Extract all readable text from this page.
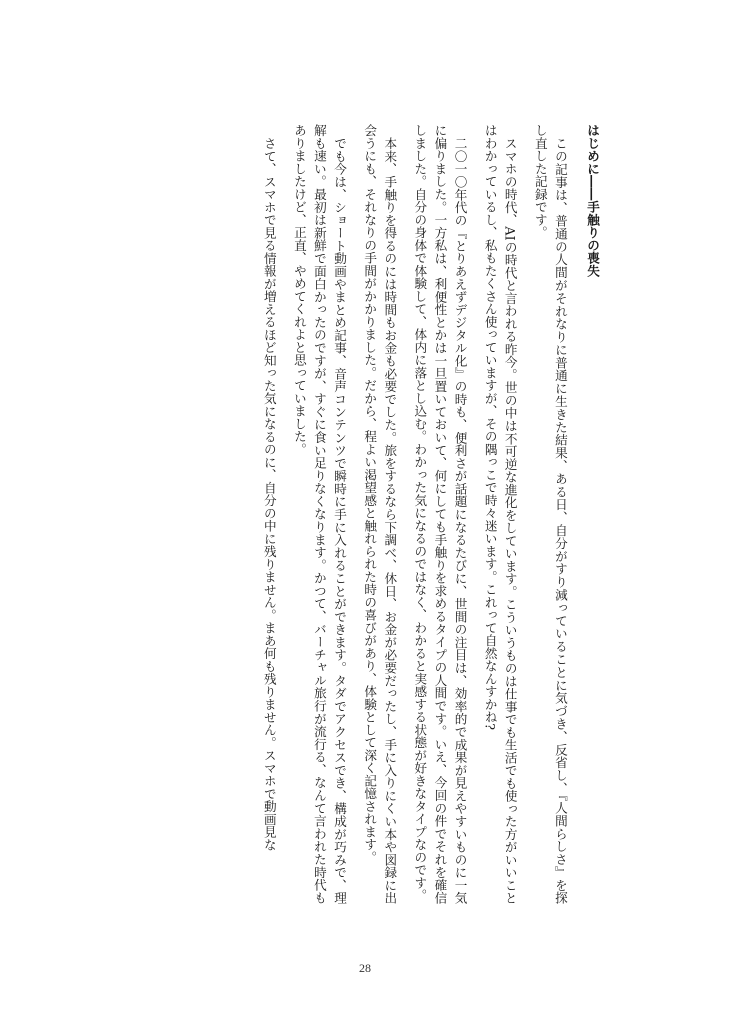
はじめに――手触りの喪失

この記事は、普通の人間がそれなりに普通に生きた結果、ある日、自分がすり減っていることに気づき、反省し、『人間らしさ』を探し直した記録です。

スマホの時代、AIの時代と言われる昨今。世の中は不可逆な進化をしています。こういうものは仕事でも生活でも使った方がいいことはわかっているし、私もたくさん使っていますが、その隅っこで時々迷います。これって自然なんすかね?

二〇一〇年代の『とりあえずデジタル化』の時も、便利さが話題になるたびに、世間の注目は、効率的で成果が見えやすいものに一気に偏りました。一方私は、利便性とかは一旦置いておいて、何にしても手触りを求めるタイプの人間です。いえ、今回の件でそれを確信しました。自分の身体で体験して、体内に落とし込む。わかった気になるのではなく、わかると実感する状態が好きなタイプなのです。

本来、手触りを得るのには時間もお金も必要でした。旅をするなら下調べ、休日、お金が必要だったし、手に入りにくい本や図録に出会うにも、それなりの手間がかかりました。だから、程よい渇望感と触れられた時の喜びがあり、体験として深く記憶されます。

でも今は、ショート動画やまとめ記事、音声コンテンツで瞬時に手に入れることができます。タダでアクセスでき、構成が巧みで、理解も速い。最初は新鮮で面白かったのですが、すぐに食い足りなくなります。かつて、バーチャル旅行が流行る、なんて言われた時代もありましたけど、正直、やめてくれよと思っていました。

さて、スマホで見る情報が増えるほど知った気になるのに、自分の中に残りません。まあ何も残りません。スマホで動画見な

28
